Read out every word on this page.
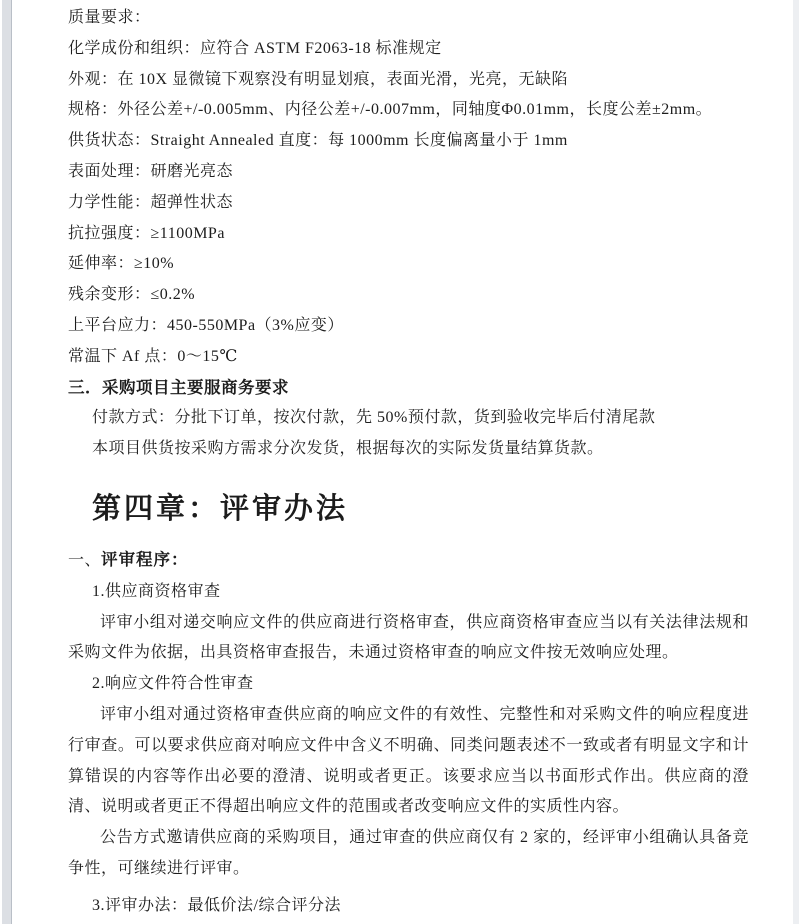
质量要求：

化学成份和组织：应符合 ASTM F2063-18 标准规定

外观：在 10X 显微镜下观察没有明显划痕，表面光滑，光亮，无缺陷

规格：外径公差+/-0.005mm、内径公差+/-0.007mm，同轴度Φ0.01mm，长度公差±2mm。

供货状态：Straight Annealed 直度：每 1000mm 长度偏离量小于 1mm

表面处理：研磨光亮态

力学性能：超弹性状态

抗拉强度：≥1100MPa

延伸率：≥10%

残余变形：≤0.2%

上平台应力：450-550MPa（3%应变）

常温下 Af 点：0～15℃

三．采购项目主要服商务要求

付款方式：分批下订单，按次付款，先 50%预付款，货到验收完毕后付清尾款

本项目供货按采购方需求分次发货，根据每次的实际发货量结算货款。

第四章：评审办法

一、评审程序：

1.供应商资格审查

评审小组对递交响应文件的供应商进行资格审查，供应商资格审查应当以有关法律法规和采购文件为依据，出具资格审查报告，未通过资格审查的响应文件按无效响应处理。

2.响应文件符合性审查

评审小组对通过资格审查供应商的响应文件的有效性、完整性和对采购文件的响应程度进行审查。可以要求供应商对响应文件中含义不明确、同类问题表述不一致或者有明显文字和计算错误的内容等作出必要的澄清、说明或者更正。该要求应当以书面形式作出。供应商的澄清、说明或者更正不得超出响应文件的范围或者改变响应文件的实质性内容。

公告方式邀请供应商的采购项目，通过审查的供应商仅有 2 家的，经评审小组确认具备竞争性，可继续进行评审。

3.评审办法：最低价法/综合评分法
